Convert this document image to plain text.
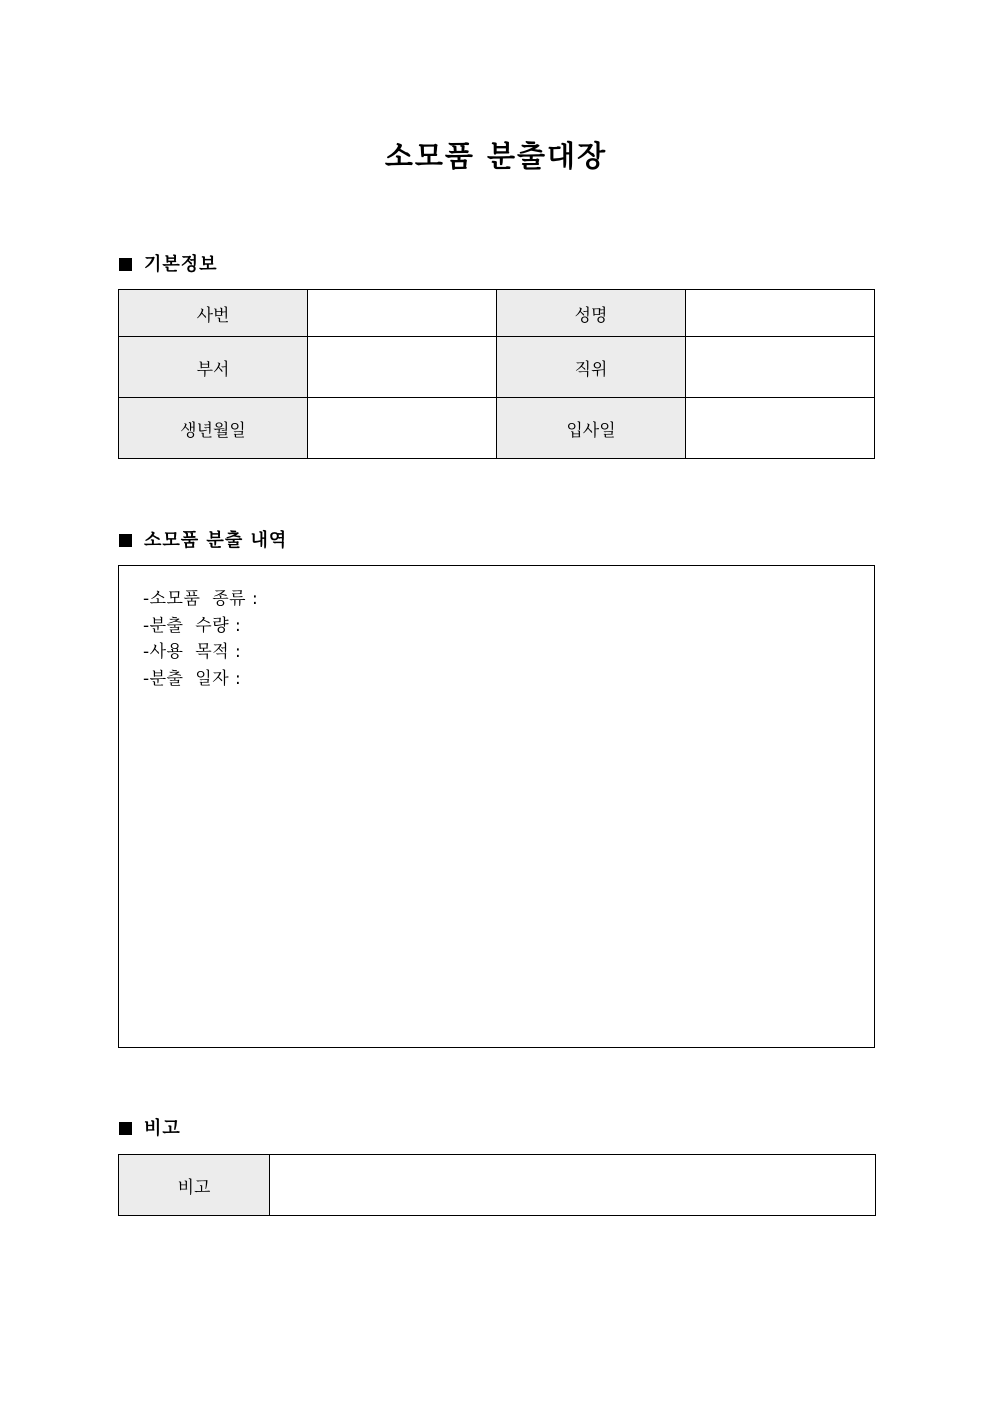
소모품 분출대장
기본정보
사번		성명	
부서		직위	
생년월일		입사일	
소모품 분출 내역
-소모품  종류 :
-분출  수량 :
-사용  목적 :
-분출  일자 :
비고
비고	
